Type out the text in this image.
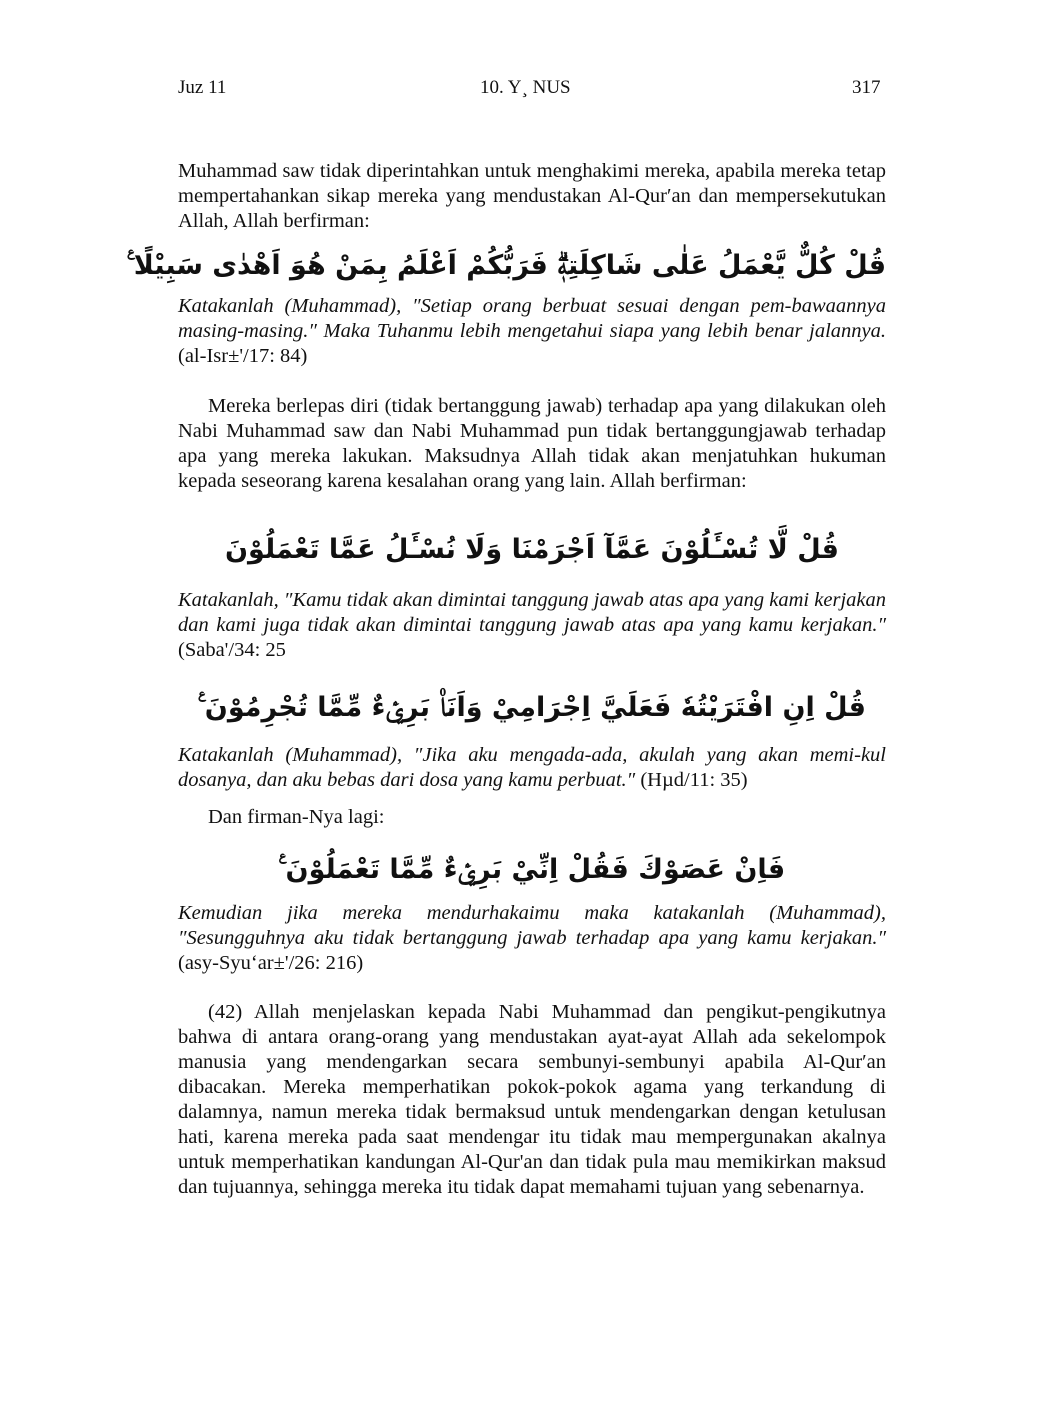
Juz 11	10. Y¸ NUS	317
Muhammad saw tidak diperintahkan untuk menghakimi mereka, apabila mereka tetap mempertahankan sikap mereka yang mendustakan Al-Qur′an dan mempersekutukan Allah, Allah berfirman:
قُلْ كُلٌّ يَّعْمَلُ عَلٰى شَاكِلَتِهٖۗ فَرَبُّكُمْ اَعْلَمُ بِمَنْ هُوَ اَهْدٰى سَبِيْلًا ࣖ
Katakanlah (Muhammad), ″Setiap orang berbuat sesuai dengan pem-bawaannya masing-masing.″ Maka Tuhanmu lebih mengetahui siapa yang lebih benar jalannya. (al-Isr±'/17: 84)
Mereka berlepas diri (tidak bertanggung jawab) terhadap apa yang dilakukan oleh Nabi Muhammad saw dan Nabi Muhammad pun tidak bertanggungjawab terhadap apa yang mereka lakukan. Maksudnya Allah tidak akan menjatuhkan hukuman kepada seseorang karena kesalahan orang yang lain. Allah berfirman:
قُلْ لَّا تُسْـَٔلُوْنَ عَمَّآ اَجْرَمْنَا وَلَا نُسْـَٔلُ عَمَّا تَعْمَلُوْنَ
Katakanlah, ″Kamu tidak akan dimintai tanggung jawab atas apa yang kami kerjakan dan kami juga tidak akan dimintai tanggung jawab atas apa yang kamu kerjakan.″ (Saba'/34: 25
قُلْ اِنِ افْتَرَيْتُهٗ فَعَلَيَّ اِجْرَامِيْ وَاَنَا۠ بَرِيْۤءٌ مِّمَّا تُجْرِمُوْنَ ࣖ
Katakanlah (Muhammad), ″Jika aku mengada-ada, akulah yang akan memi-kul dosanya, dan aku bebas dari dosa yang kamu perbuat.″ (Hµd/11: 35)
Dan firman-Nya lagi:
فَاِنْ عَصَوْكَ فَقُلْ اِنِّيْ بَرِيْۤءٌ مِّمَّا تَعْمَلُوْنَ ࣖ
Kemudian jika mereka mendurhakaimu maka katakanlah (Muhammad), ″Sesungguhnya aku tidak bertanggung jawab terhadap apa yang kamu kerjakan.″ (asy-Syu‘ar±'/26: 216)
(42) Allah menjelaskan kepada Nabi Muhammad dan pengikut-pengikutnya bahwa di antara orang-orang yang mendustakan ayat-ayat Allah ada sekelompok manusia yang mendengarkan secara sembunyi-sembunyi apabila Al-Qur′an dibacakan. Mereka memperhatikan pokok-pokok agama yang terkandung di dalamnya, namun mereka tidak bermaksud untuk mendengarkan dengan ketulusan hati, karena mereka pada saat mendengar itu tidak mau mempergunakan akalnya untuk memperhatikan kandungan Al-Qur'an dan tidak pula mau memikirkan maksud dan tujuannya, sehingga mereka itu tidak dapat memahami tujuan yang sebenarnya.
